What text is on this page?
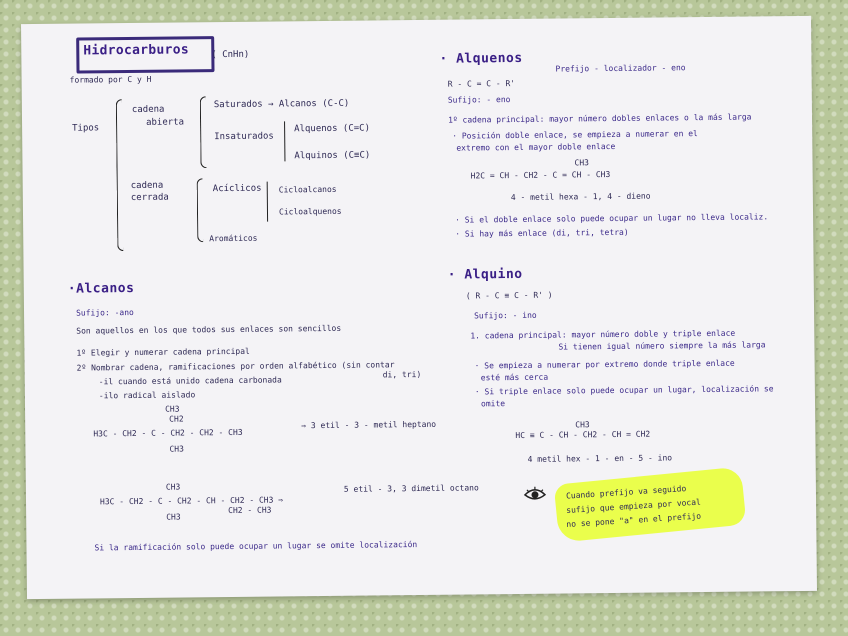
Hidrocarburos ( CnHn)
formado por C y H
Tipos
cadena
abierta
Saturados → Alcanos (C-C)
Insaturados
Alquenos (C=C)
Alquinos (C≡C)
cadena
cerrada
Acíclicos Cicloalcanos
Cicloalquenos
Aromáticos
·Alcanos
Sufijo: -ano
Son aquellos en los que todos sus enlaces son sencillos
1º Elegir y numerar cadena principal
2º Nombrar cadena, ramificaciones por orden alfabético (sin contar
di, tri)
-il cuando está unido cadena carbonada
-ilo radical aislado
CH3
CH2
H3C - CH2 - C - CH2 - CH2 - CH3
CH3
⇒ 3 etil - 3 - metil heptano
CH3
H3C - CH2 - C - CH2 - CH - CH2 - CH3 ⇒
CH3
CH2 - CH3
5 etil - 3, 3 dimetil octano
Si la ramificación solo puede ocupar un lugar se omite localización
· Alquenos
Prefijo - localizador - eno
R - C = C - R'
Sufijo: - eno
1º cadena principal: mayor número dobles enlaces o la más larga
· Posición doble enlace, se empieza a numerar en el
extremo con el mayor doble enlace
CH3
H2C = CH - CH2 - C = CH - CH3
4 - metil hexa - 1, 4 - dieno
· Si el doble enlace solo puede ocupar un lugar no lleva localiz.
· Si hay más enlace (di, tri, tetra)
· Alquino
( R - C ≡ C - R' )
Sufijo: - ino
1. cadena principal: mayor número doble y triple enlace
Si tienen igual número siempre la más larga
· Se empieza a numerar por extremo donde triple enlace
esté más cerca
· Si triple enlace solo puede ocupar un lugar, localización se
omite
CH3
HC ≡ C - CH - CH2 - CH = CH2
4 metil hex - 1 - en - 5 - ino
Cuando prefijo va seguido
sufijo que empieza por vocal
no se pone "a" en el prefijo
